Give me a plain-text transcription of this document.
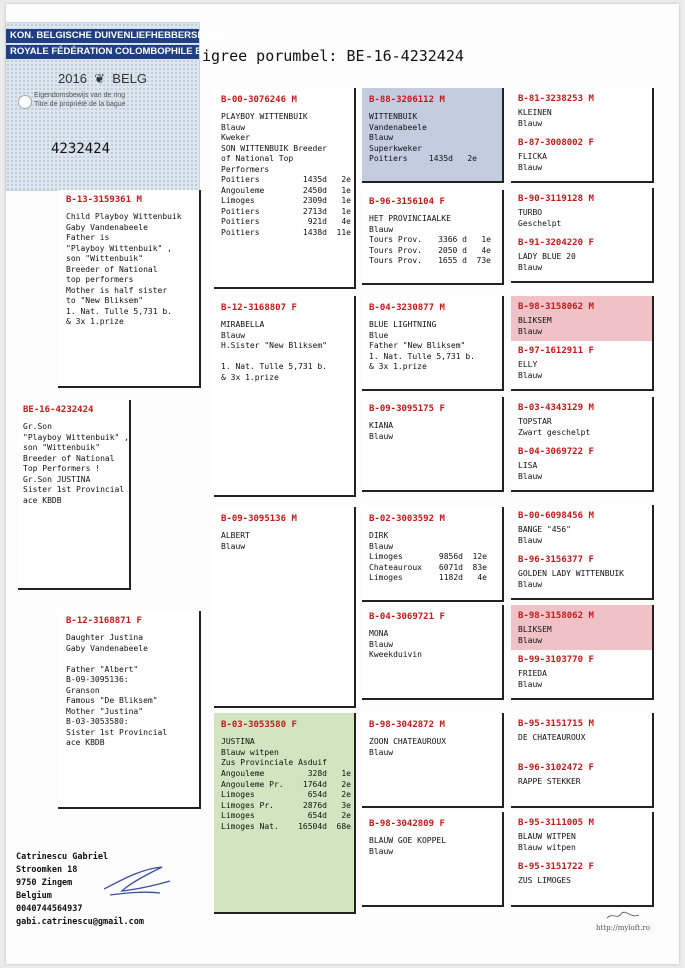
KON. BELGISCHE DUIVENLIEFHEBBERSBOND
ROYALE FÉDÉRATION COLOMBOPHILE BELGE
2016 ❦ BELG
Eigendomsbewijs van de ring
Titre de propriété de la bague
4232424
igree porumbel: BE-16-4232424
B-13-3159361 M
Child Playboy Wittenbuik
Gaby Vandenabeele
Father is
"Playboy Wittenbuik" ,
son "Wittenbuik"
Breeder of National
top performers
Mother is half sister
to "New Bliksem"
1. Nat. Tulle 5,731 b.
& 3x 1.prize
BE-16-4232424
Gr.Son
"Playboy Wittenbuik" ,
son "Wittenbuik"
Breeder of National
Top Performers !
Gr.Son JUSTINA
Sister 1st Provincial
ace KBDB
B-12-3168871 F
Daughter Justina
Gaby Vandenabeele

Father "Albert"
B-09-3095136:
Granson
Famous "De Bliksem"
Mother "Justina"
B-03-3053580:
Sister 1st Provincial
ace KBDB
B-00-3076246 M
PLAYBOY WITTENBUIK
Blauw
Kweker
SON WITTENBUIK Breeder
of National Top
Performers
Poitiers	1435d	2e
Angouleme	2450d	1e
Limoges	2309d	1e
Poitiers	2713d	1e
Poitiers	921d	4e
Poitiers	1438d	11e
B-12-3168807 F
MIRABELLA
Blauw
H.Sister "New Bliksem"

1. Nat. Tulle 5,731 b.
& 3x 1.prize
B-09-3095136 M
ALBERT
Blauw
B-03-3053580 F
JUSTINA
Blauw witpen
Zus Provinciale Asduif
Angouleme	328d	1e
Angouleme Pr.	1764d	2e
Limoges	654d	2e
Limoges Pr.	2876d	3e
Limoges	654d	2e
Limoges Nat.	16504d	68e
B-88-3206112 M
WITTENBUIK
Vandenabeele
Blauw
Superkweker
Poitiers	1435d	2e
B-96-3156104 F
HET PROVINCIAALKE
Blauw
Tours Prov.	3366 d	1e
Tours Prov.	2050 d	4e
Tours Prov.	1655 d	73e
B-04-3230877 M
BLUE LIGHTNING
Blue
Father "New Bliksem"
1. Nat. Tulle 5,731 b.
& 3x 1.prize
B-09-3095175 F
KIANA
Blauw
B-02-3003592 M
DIRK
Blauw
Limoges	9856d	12e
Chateauroux	6071d	83e
Limoges	1182d	4e
B-04-3069721 F
MONA
Blauw
Kweekduivin
B-98-3042872 M
ZOON CHATEAUROUX
Blauw
B-98-3042809 F
BLAUW GOE KOPPEL
Blauw
B-81-3238253 M
KLEINEN
Blauw
B-87-3008002 F
FLICKA
Blauw
B-90-3119128 M
TURBO
Geschelpt
B-91-3204220 F
LADY BLUE 20
Blauw
B-98-3158062 M
BLIKSEM
Blauw
B-97-1612911 F
ELLY
Blauw
B-03-4343129 M
TOPSTAR
Zwart geschelpt
B-04-3069722 F
LISA
Blauw
B-00-6098456 M
BANGE "456"
Blauw
B-96-3156377 F
GOLDEN LADY WITTENBUIK
Blauw
B-98-3158062 M
BLIKSEM
Blauw
B-99-3103770 F
FRIEDA
Blauw
B-95-3151715 M
DE CHATEAUROUX
B-96-3102472 F
RAPPE STEKKER
B-95-3111005 M
BLAUW WITPEN
Blauw witpen
B-95-3151722 F
ZUS LIMOGES
Catrinescu Gabriel
Stroomken 18
9750 Zingem
Belgium
0040744564937
gabi.catrinescu@gmail.com
http://myloft.ro
